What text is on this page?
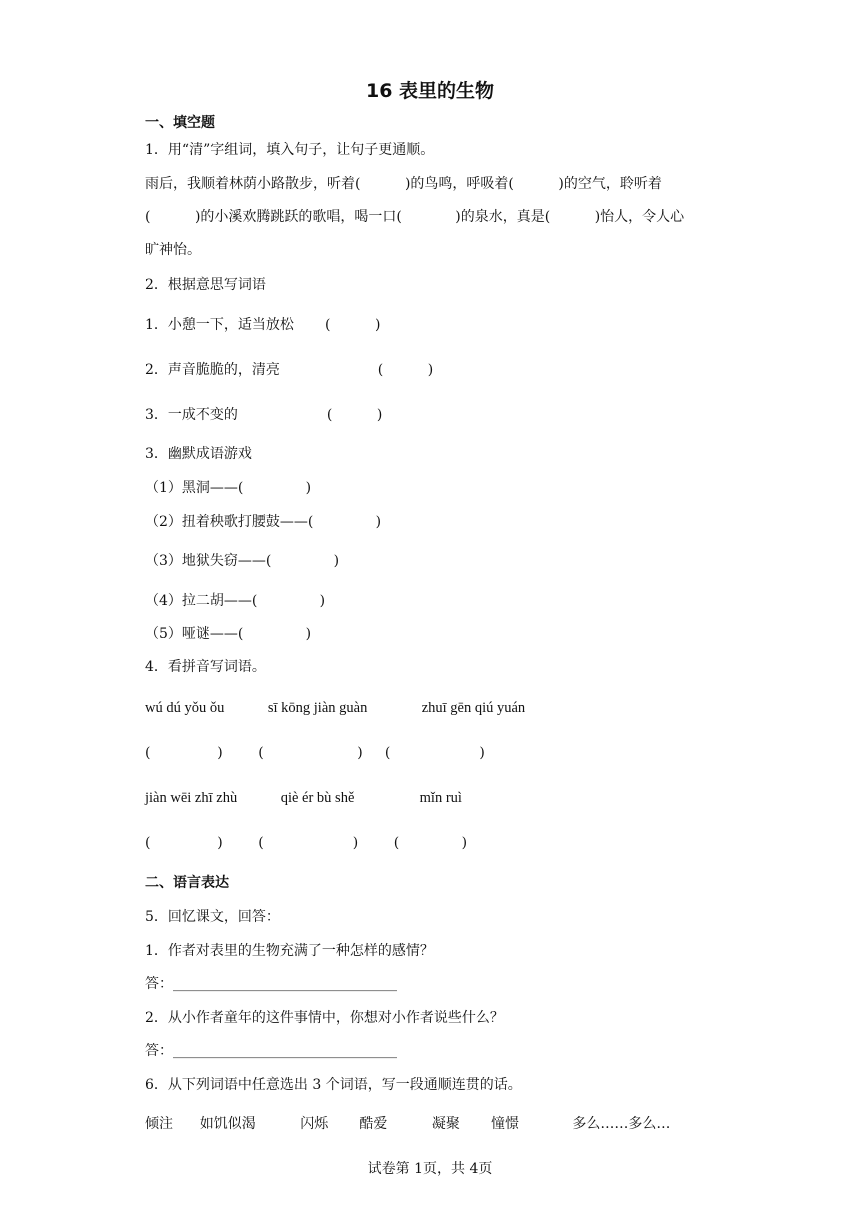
16 表里的生物
一、填空题
1．用“清”字组词，填入句子，让句子更通顺。
雨后，我顺着林荫小路散步，听着(          )的鸟鸣，呼吸着(          )的空气，聆听着
(          )的小溪欢腾跳跃的歌唱，喝一口(            )的泉水，真是(          )怡人，令人心
旷神怡。
2．根据意思写词语
1．小憩一下，适当放松       (          )
2．声音脆脆的，清亮                      (          )
3．一成不变的                    (          )
3．幽默成语游戏
（1）黑洞——(              )
（2）扭着秧歌打腰鼓——(              )
（3）地狱失窃——(              )
（4）拉二胡——(              )
（5）哑谜——(              )
4．看拼音写词语。
wú dú yǒu ǒu            sī kōng jiàn guàn               zhuī gēn qiú yuán
(               )        (                     )     (                    )
jiàn wēi zhī zhù            qiè ér bù shě                  mǐn ruì
(               )        (                    )        (              )
二、语言表达
5．回忆课文，回答：
1．作者对表里的生物充满了一种怎样的感情？
答：________________________________
2．从小作者童年的这件事情中，你想对小作者说些什么？
答：________________________________
6．从下列词语中任意选出 3 个词语，写一段通顺连贯的话。
倾注      如饥似渴          闪烁       酷爱          凝聚       憧憬            多么……多么…
试卷第 1页，共 4页
